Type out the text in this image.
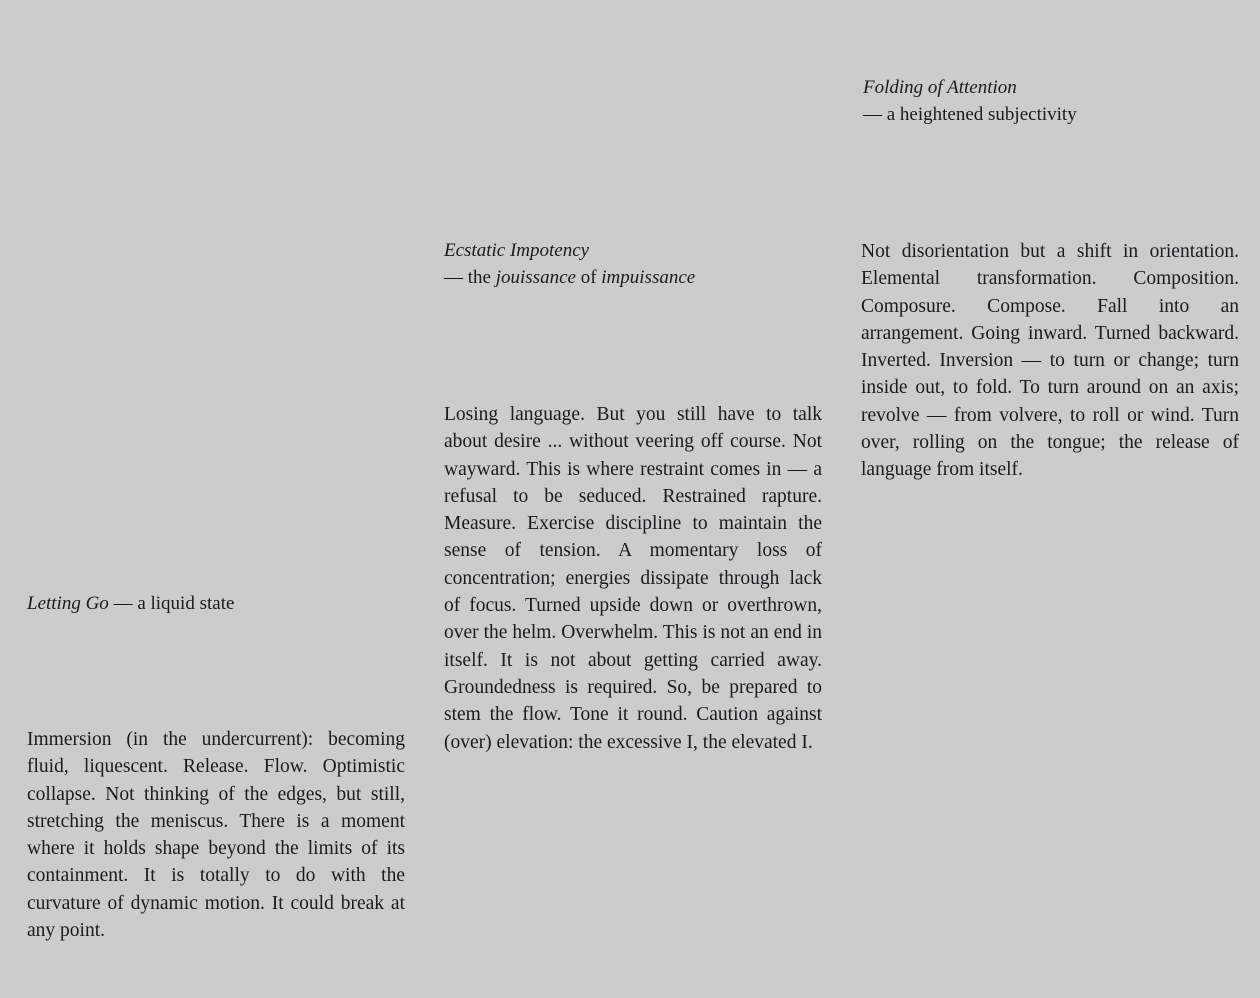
Letting Go — a liquid state

Immersion (in the undercurrent): becoming fluid, liquescent. Release. Flow. Optimistic collapse. Not thinking of the edges, but still, stretching the meniscus. There is a moment where it holds shape beyond the limits of its containment. It is totally to do with the curvature of dynamic motion. It could break at any point.

Ecstatic Impotency

— the jouissance of impuissance

Losing language. But you still have to talk about desire ... without veering off course. Not wayward. This is where restraint comes in — a refusal to be seduced. Restrained rapture. Measure. Exercise discipline to maintain the sense of tension. A momentary loss of concentration; energies dissipate through lack of focus. Turned upside down or overthrown, over the helm. Overwhelm. This is not an end in itself. It is not about getting carried away. Groundedness is required. So, be prepared to stem the flow. Tone it round. Caution against (over) elevation: the excessive I, the elevated I.

Folding of Attention

— a heightened subjectivity

Not disorientation but a shift in orientation. Elemental transformation. Composition. Composure. Compose. Fall into an arrangement. Going inward. Turned backward. Inverted. Inversion — to turn or change; turn inside out, to fold. To turn around on an axis; revolve — from volvere, to roll or wind. Turn over, rolling on the tongue; the release of language from itself.
